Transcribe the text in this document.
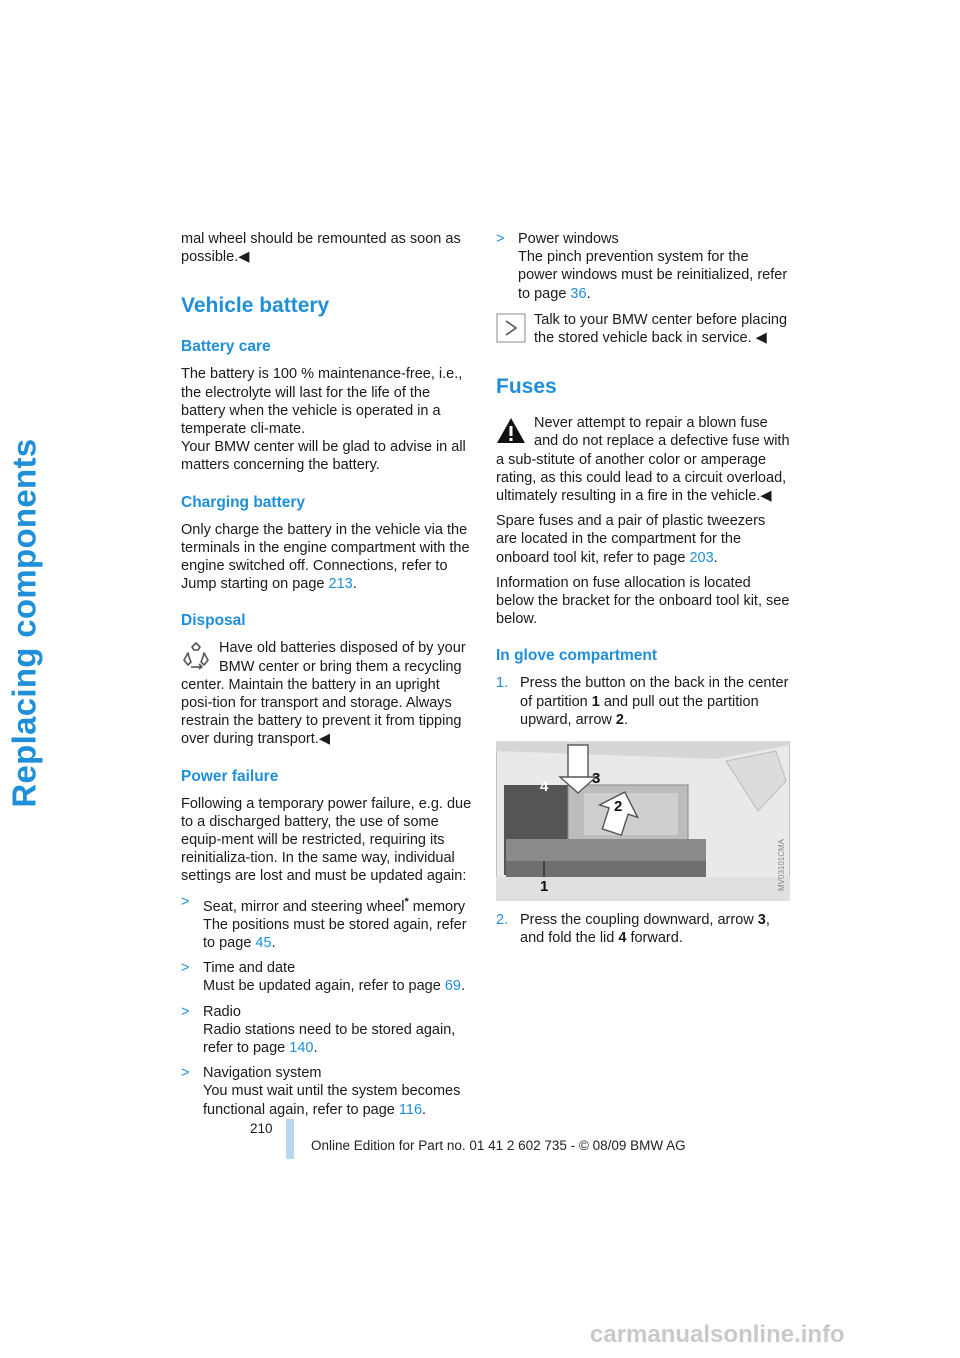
Replacing components

mal wheel should be remounted as soon as possible.◀

Vehicle battery
Battery care

The battery is 100 % maintenance-free, i.e., the electrolyte will last for the life of the battery when the vehicle is operated in a temperate cli-mate.

Your BMW center will be glad to advise in all matters concerning the battery.

Charging battery

Only charge the battery in the vehicle via the terminals in the engine compartment with the engine switched off. Connections, refer to Jump starting on page 213.

Disposal
Have old batteries disposed of by your BMW center or bring them a recycling center. Maintain the battery in an upright posi-tion for transport and storage. Always restrain the battery to prevent it from tipping over during transport.◀
Power failure

Following a temporary power failure, e.g. due to a discharged battery, the use of some equip-ment will be restricted, requiring its reinitializa-tion. In the same way, individual settings are lost and must be updated again:

> Seat, mirror and steering wheel* memory
The positions must be stored again, refer to page 45.
> Time and date
Must be updated again, refer to page 69.
> Radio
Radio stations need to be stored again, refer to page 140.
> Navigation system
You must wait until the system becomes functional again, refer to page 116.
> Power windows
The pinch prevention system for the power windows must be reinitialized, refer to page 36.
Talk to your BMW center before placing the stored vehicle back in service. ◀
Fuses
Never attempt to repair a blown fuse and do not replace a defective fuse with a sub-stitute of another color or amperage rating, as this could lead to a circuit overload, ultimately resulting in a fire in the vehicle.◀

Spare fuses and a pair of plastic tweezers are located in the compartment for the onboard tool kit, refer to page 203.

Information on fuse allocation is located below the bracket for the onboard tool kit, see below.

In glove compartment
1. Press the button on the back in the center of partition 1 and pull out the partition upward, arrow 2.
4	3
2
1	MV03101CMA
2. Press the coupling downward, arrow 3, and fold the lid 4 forward.
210
Online Edition for Part no. 01 41 2 602 735 - © 08/09 BMW AG
carmanualsonline.info
